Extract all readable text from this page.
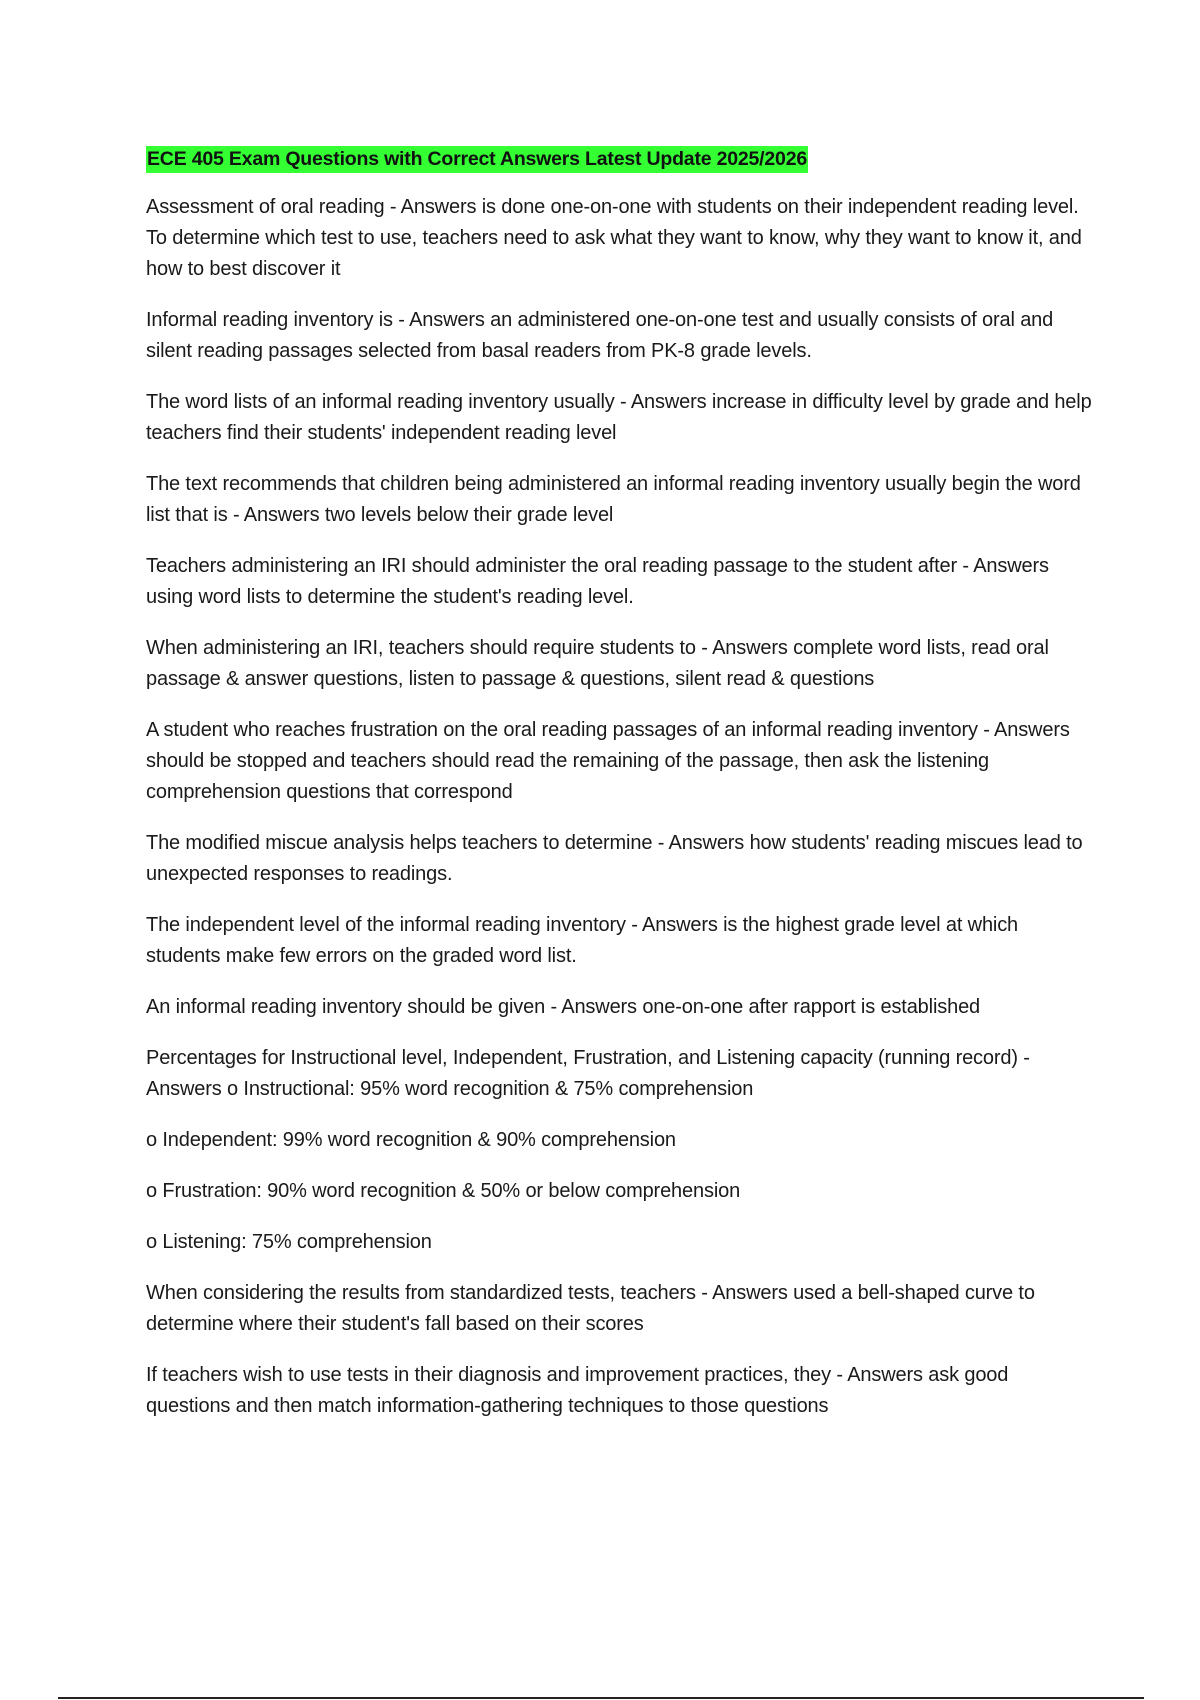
ECE 405 Exam Questions with Correct Answers Latest Update 2025/2026

Assessment of oral reading - Answers is done one-on-one with students on their independent reading level. To determine which test to use, teachers need to ask what they want to know, why they want to know it, and how to best discover it

Informal reading inventory is - Answers an administered one-on-one test and usually consists of oral and silent reading passages selected from basal readers from PK-8 grade levels.

The word lists of an informal reading inventory usually - Answers increase in difficulty level by grade and help teachers find their students' independent reading level

The text recommends that children being administered an informal reading inventory usually begin the word list that is - Answers two levels below their grade level

Teachers administering an IRI should administer the oral reading passage to the student after - Answers using word lists to determine the student's reading level.

When administering an IRI, teachers should require students to - Answers complete word lists, read oral passage & answer questions, listen to passage & questions, silent read & questions

A student who reaches frustration on the oral reading passages of an informal reading inventory - Answers should be stopped and teachers should read the remaining of the passage, then ask the listening comprehension questions that correspond

The modified miscue analysis helps teachers to determine - Answers how students' reading miscues lead to unexpected responses to readings.

The independent level of the informal reading inventory - Answers is the highest grade level at which students make few errors on the graded word list.

An informal reading inventory should be given - Answers one-on-one after rapport is established

Percentages for Instructional level, Independent, Frustration, and Listening capacity (running record) - Answers o Instructional: 95% word recognition & 75% comprehension

o Independent: 99% word recognition & 90% comprehension

o Frustration: 90% word recognition & 50% or below comprehension

o Listening: 75% comprehension

When considering the results from standardized tests, teachers - Answers used a bell-shaped curve to determine where their student's fall based on their scores

If teachers wish to use tests in their diagnosis and improvement practices, they - Answers ask good questions and then match information-gathering techniques to those questions
